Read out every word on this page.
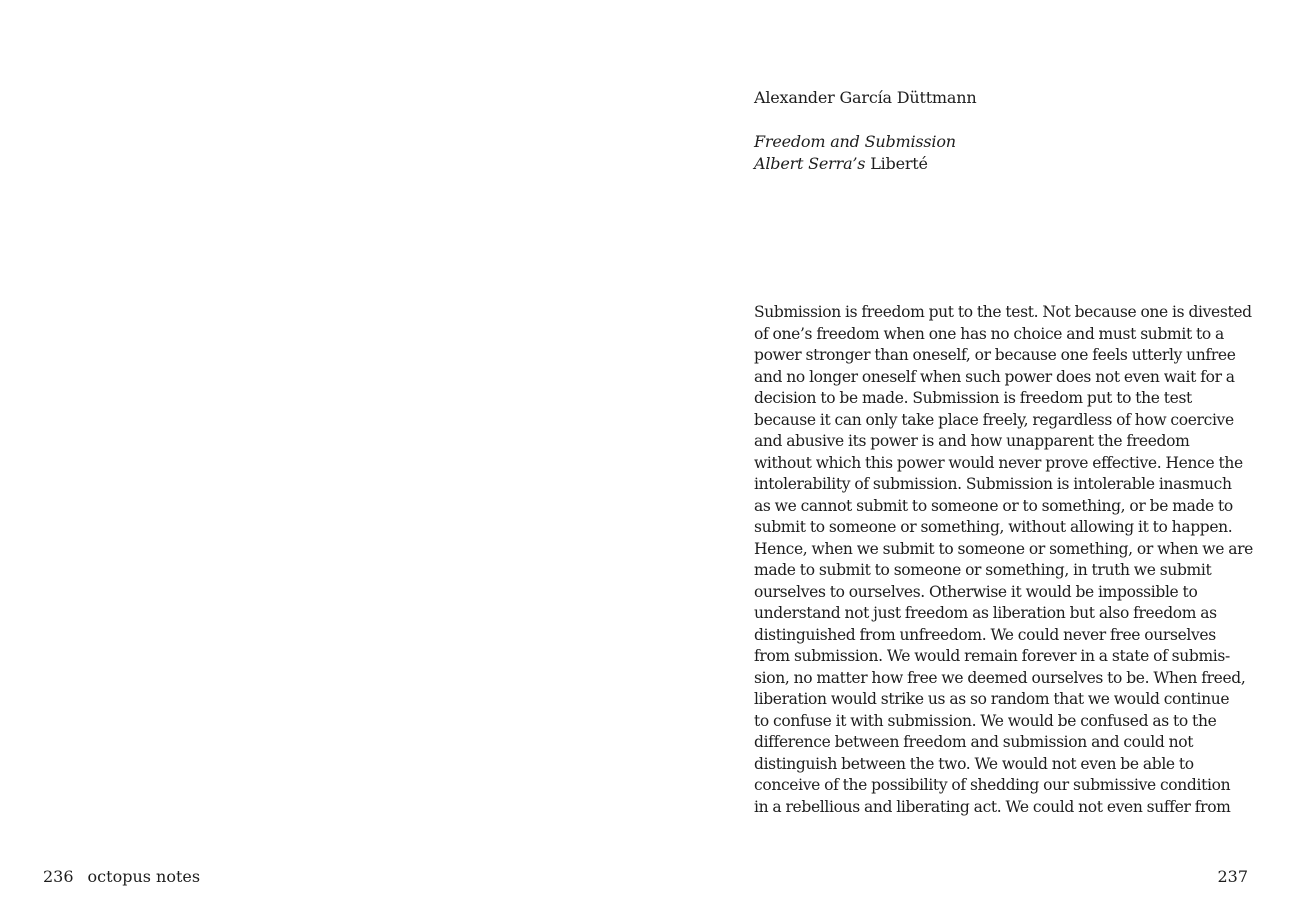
236 octopus notes
Alexander García Düttmann
Freedom and Submission
Albert Serra’s Liberté

Submission is freedom put to the test. Not because one is divested
of one’s freedom when one has no choice and must submit to a
power stronger than oneself, or because one feels utterly unfree
and no longer oneself when such power does not even wait for a
decision to be made. Submission is freedom put to the test
because it can only take place freely, regardless of how coercive
and abusive its power is and how unapparent the freedom
without which this power would never prove effective. Hence the
intolerability of submission. Submission is intolerable inasmuch
as we cannot submit to someone or to something, or be made to
submit to someone or something, without allowing it to happen.
Hence, when we submit to someone or something, or when we are
made to submit to someone or something, in truth we submit
ourselves to ourselves. Otherwise it would be impossible to
understand not just freedom as liberation but also freedom as
distinguished from unfreedom. We could never free ourselves
from submission. We would remain forever in a state of submis-
sion, no matter how free we deemed ourselves to be. When freed,
liberation would strike us as so random that we would continue
to confuse it with submission. We would be confused as to the
difference between freedom and submission and could not
distinguish between the two. We would not even be able to
conceive of the possibility of shedding our submissive condition
in a rebellious and liberating act. We could not even suffer from

237
